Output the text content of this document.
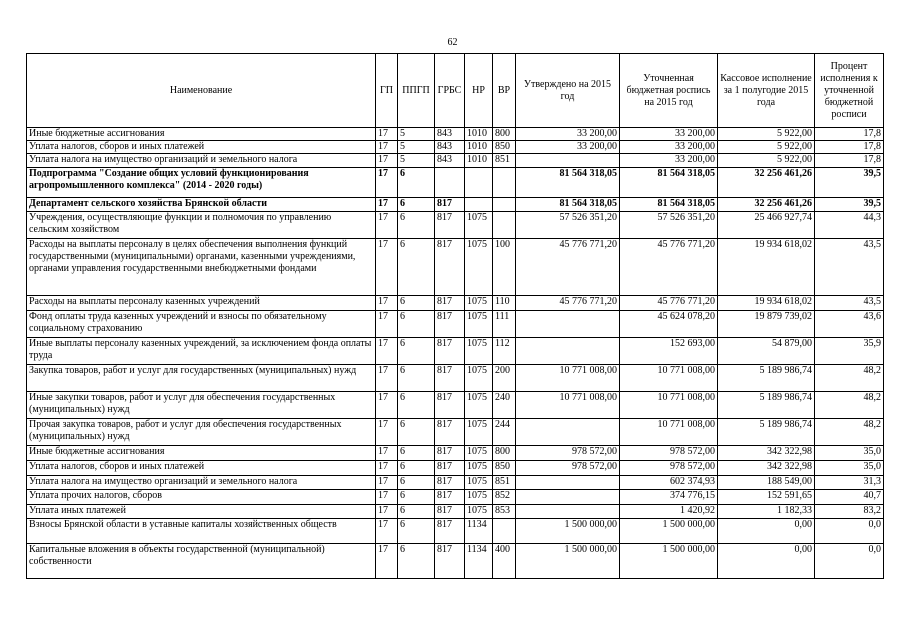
62
Наименование	ГП	ППГП	ГРБС	НР	ВР	Утверждено на 2015 год	Уточненная бюджетная роспись на 2015 год	Кассовое исполнение за 1 полугодие 2015 года	Процент исполнения к уточненной бюджетной росписи
Иные бюджетные ассигнования	17	5	843	1010	800	33 200,00	33 200,00	5 922,00	17,8
Уплата налогов, сборов и иных платежей	17	5	843	1010	850	33 200,00	33 200,00	5 922,00	17,8
Уплата налога на имущество организаций и земельного налога	17	5	843	1010	851		33 200,00	5 922,00	17,8
Подпрограмма "Создание общих условий функционирования агропромышленного комплекса" (2014 - 2020 годы)	17	6				81 564 318,05	81 564 318,05	32 256 461,26	39,5
Департамент сельского хозяйства Брянской области	17	6	817			81 564 318,05	81 564 318,05	32 256 461,26	39,5
Учреждения, осуществляющие функции и полномочия по управлению сельским хозяйством	17	6	817	1075		57 526 351,20	57 526 351,20	25 466 927,74	44,3
Расходы на выплаты персоналу в целях обеспечения выполнения функций государственными (муниципальными) органами, казенными учреждениями, органами управления государственными внебюджетными фондами	17	6	817	1075	100	45 776 771,20	45 776 771,20	19 934 618,02	43,5
Расходы на выплаты персоналу казенных учреждений	17	6	817	1075	110	45 776 771,20	45 776 771,20	19 934 618,02	43,5
Фонд оплаты труда казенных учреждений и взносы по обязательному социальному страхованию	17	6	817	1075	111		45 624 078,20	19 879 739,02	43,6
Иные выплаты персоналу казенных учреждений, за исключением фонда оплаты труда	17	6	817	1075	112		152 693,00	54 879,00	35,9
Закупка товаров, работ и услуг для государственных (муниципальных) нужд	17	6	817	1075	200	10 771 008,00	10 771 008,00	5 189 986,74	48,2
Иные закупки товаров, работ и услуг для обеспечения государственных (муниципальных) нужд	17	6	817	1075	240	10 771 008,00	10 771 008,00	5 189 986,74	48,2
Прочая закупка товаров, работ и услуг для обеспечения государственных (муниципальных) нужд	17	6	817	1075	244		10 771 008,00	5 189 986,74	48,2
Иные бюджетные ассигнования	17	6	817	1075	800	978 572,00	978 572,00	342 322,98	35,0
Уплата налогов, сборов и иных платежей	17	6	817	1075	850	978 572,00	978 572,00	342 322,98	35,0
Уплата налога на имущество организаций и земельного налога	17	6	817	1075	851		602 374,93	188 549,00	31,3
Уплата прочих налогов, сборов	17	6	817	1075	852		374 776,15	152 591,65	40,7
Уплата иных платежей	17	6	817	1075	853		1 420,92	1 182,33	83,2
Взносы Брянской области в уставные капиталы хозяйственных обществ	17	6	817	1134		1 500 000,00	1 500 000,00	0,00	0,0
Капитальные вложения в объекты государственной (муниципальной) собственности	17	6	817	1134	400	1 500 000,00	1 500 000,00	0,00	0,0
